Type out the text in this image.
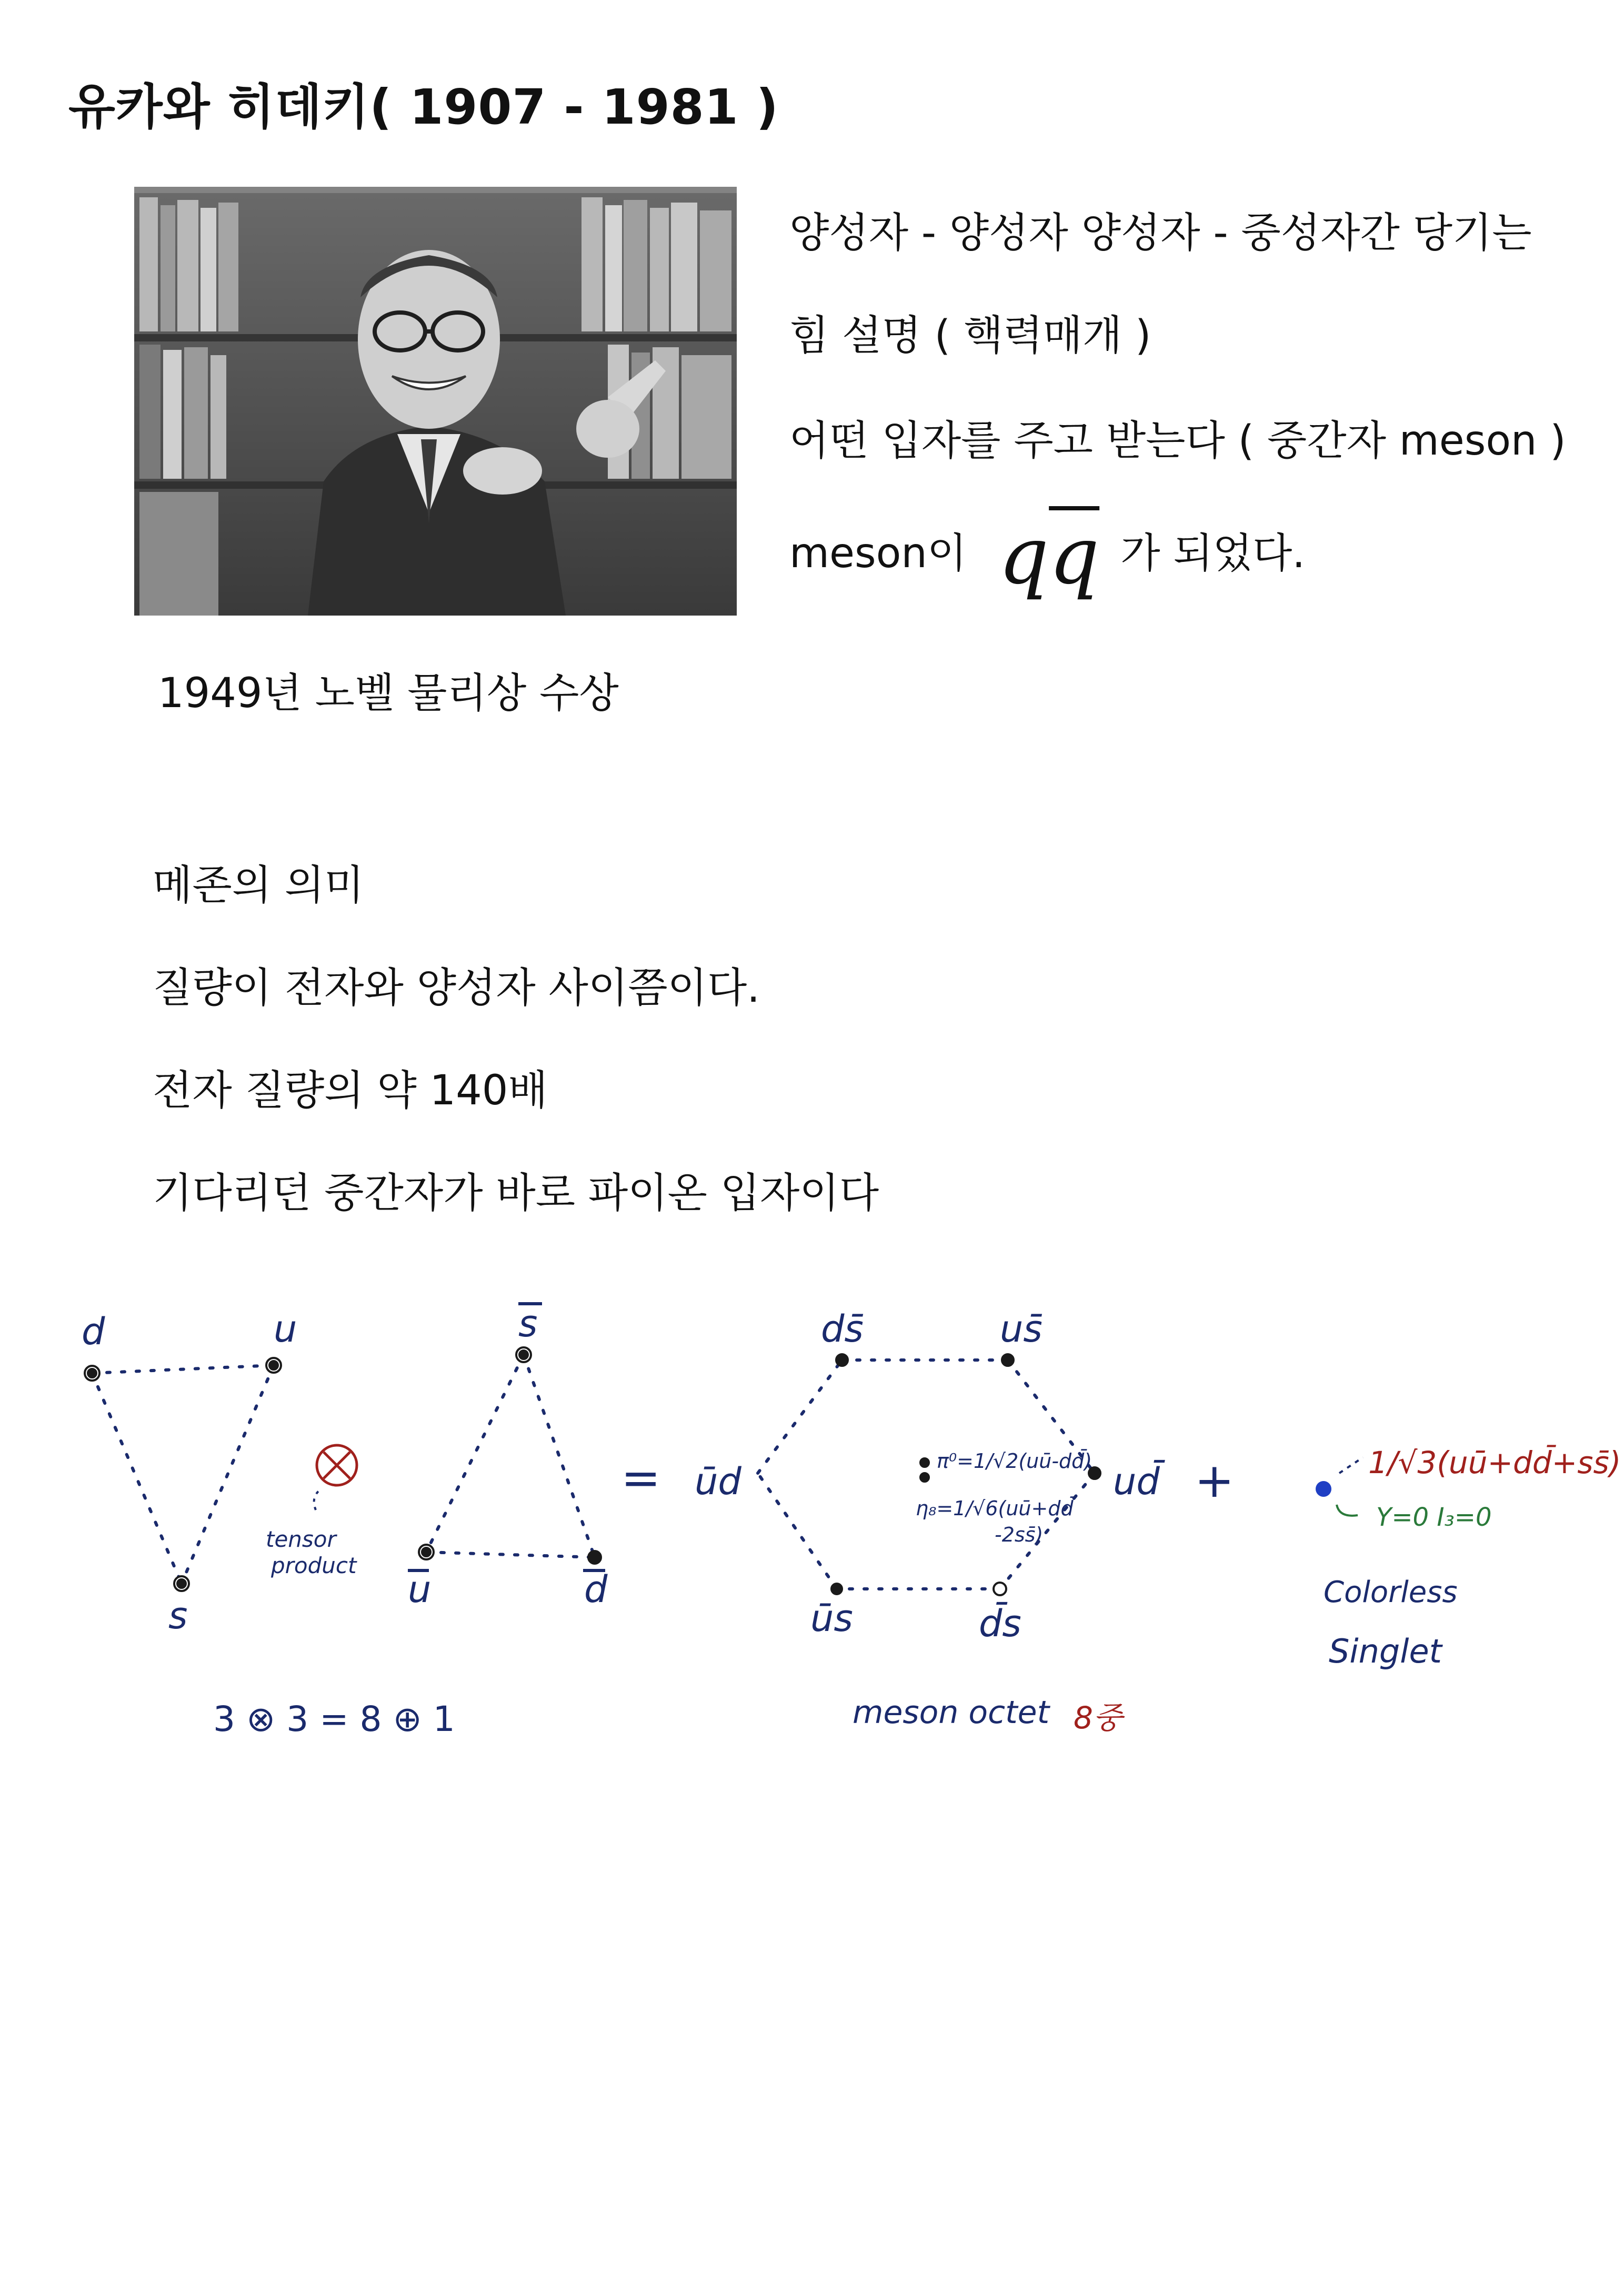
유카와 히데키( 1907 - 1981 )
양성자 - 양성자 양성자 - 중성자간 당기는
힘 설명 ( 핵력매개 )
어떤 입자를 주고 받는다 ( 중간자 meson )
meson이 $q\overline{q}$ 가 되었다.
1949년 노벨 물리상 수상
메존의 의미
질량이 전자와 양성자 사이쯤이다.
전자 질량의 약 140배
기다리던 중간자가 바로 파이온 입자이다
d	u
s
s
u	d
=
ds̄	us̄
ud̄
ūd
ūs	d̄s
+
tensor
product
π⁰=1/√2(uū-dd̄)
η₈=1/√6(uū+dd̄
-2ss̄)
1/√3(uū+dd̄+ss̄)
Y=0 I₃=0
Colorless
Singlet
3 ⊗ 3 = 8 ⊕ 1	meson octet 8중
